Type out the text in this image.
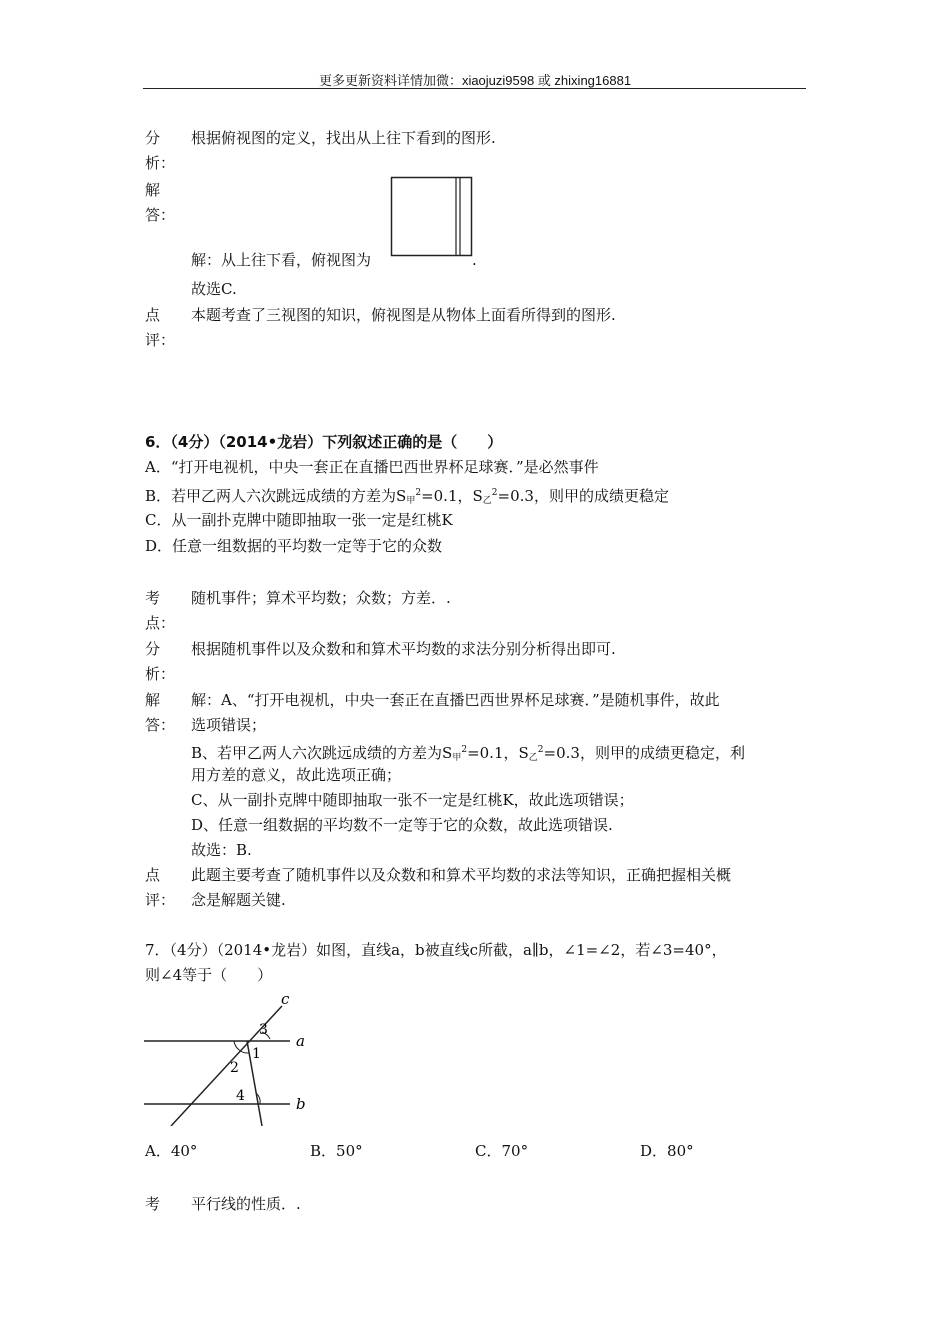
更多更新资料详情加微：xiaojuzi9598 或 zhixing16881
分
析：
根据俯视图的定义，找出从上往下看到的图形.
解
答：
解：从上往下看，俯视图为	.
故选C.
点
评：
本题考查了三视图的知识，俯视图是从物体上面看所得到的图形.
6．（4分）（2014•龙岩）下列叙述正确的是（　　）
A．“打开电视机，中央一套正在直播巴西世界杯足球赛．”是必然事件
B．若甲乙两人六次跳远成绩的方差为$S_甲^2=0.1$，$S_乙^2=0.3$，则甲的成绩更稳定
C．从一副扑克牌中随即抽取一张一定是红桃K
D．任意一组数据的平均数一定等于它的众数
考
点：
随机事件；算术平均数；众数；方差．.
分
析：
根据随机事件以及众数和和算术平均数的求法分别分析得出即可.
解
答：
解：A、“打开电视机，中央一套正在直播巴西世界杯足球赛．”是随机事件，故此
选项错误；
B、若甲乙两人六次跳远成绩的方差为$S_甲^2=0.1$，$S_乙^2=0.3$，则甲的成绩更稳定，利
用方差的意义，故此选项正确；
C、从一副扑克牌中随即抽取一张不一定是红桃K，故此选项错误；
D、任意一组数据的平均数不一定等于它的众数，故此选项错误.
故选：B.
点
评：
此题主要考查了随机事件以及众数和和算术平均数的求法等知识，正确把握相关概
念是解题关键.
7．（4分）（2014•龙岩）如图，直线a，b被直线c所截，a∥b，∠1=∠2，若∠3=40°，
则∠4等于（　　）
a
b
c
1
2
3
4
A．40°	B．50°	C．70°	D．80°
考 平行线的性质．.
